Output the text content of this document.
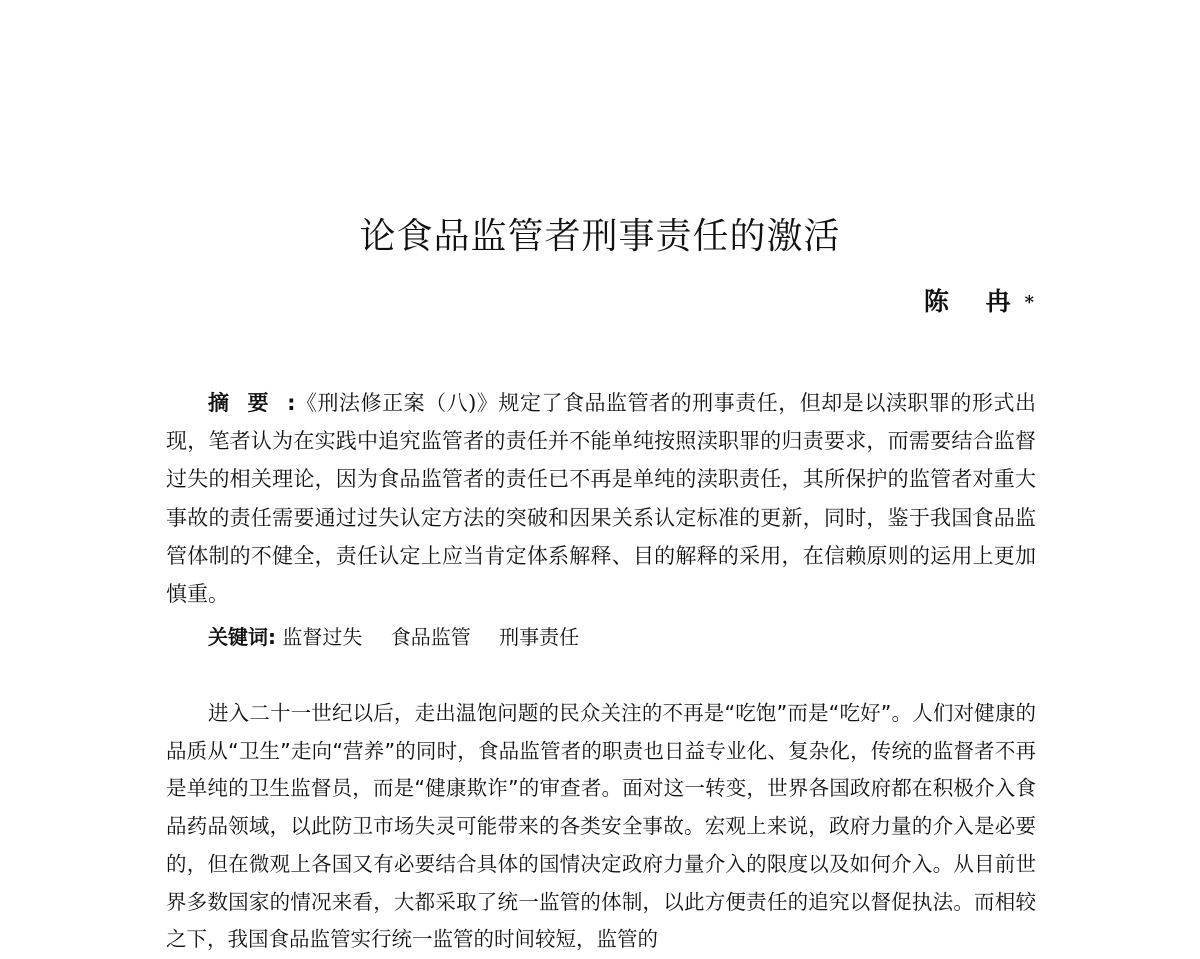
论食品监管者刑事责任的激活
陈 冉*

摘要:《刑法修正案（八)》规定了食品监管者的刑事责任，但却是以渎职罪的形式出现，笔者认为在实践中追究监管者的责任并不能单纯按照渎职罪的归责要求，而需要结合监督过失的相关理论，因为食品监管者的责任已不再是单纯的渎职责任，其所保护的监管者对重大事故的责任需要通过过失认定方法的突破和因果关系认定标准的更新，同时，鉴于我国食品监管体制的不健全，责任认定上应当肯定体系解释、目的解释的采用，在信赖原则的运用上更加慎重。

关键词: 监督过失 食品监管 刑事责任

进入二十一世纪以后，走出温饱问题的民众关注的不再是“吃饱”而是“吃好”。人们对健康的品质从“卫生”走向“营养”的同时，食品监管者的职责也日益专业化、复杂化，传统的监督者不再是单纯的卫生监督员，而是“健康欺诈”的审查者。面对这一转变，世界各国政府都在积极介入食品药品领域，以此防卫市场失灵可能带来的各类安全事故。宏观上来说，政府力量的介入是必要的，但在微观上各国又有必要结合具体的国情决定政府力量介入的限度以及如何介入。从目前世界多数国家的情况来看，大都采取了统一监管的体制，以此方便责任的追究以督促执法。而相较之下，我国食品监管实行统一监管的时间较短，监管的
